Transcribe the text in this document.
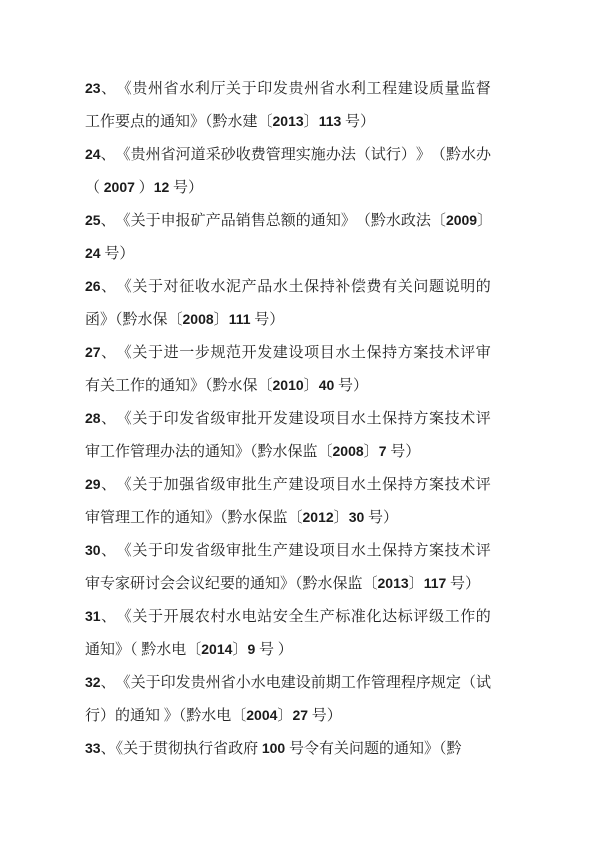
23 、 《 贵 州 省 水 利 厅 关 于 印 发 贵 州 省 水 利 工 程 建 设 质 量 监 督
工作要点的通知》（黔水建〔2013〕113 号）
24 、 《 贵 州 省 河 道 采 砂 收 费 管 理 实 施 办 法 （ 试 行 ） 》 （ 黔 水 办
（ 2007 ）12 号）
25 、 《 关 于 申 报 矿 产 品 销 售 总 额 的 通 知 》 （ 黔 水 政 法 〔 2009 〕
24 号）
26 、 《 关 于 对 征 收 水 泥 产 品 水 土 保 持 补 偿 费 有 关 问 题 说 明 的
函》（黔水保〔2008〕111 号）
27 、 《 关 于 进 一 步 规 范 开 发 建 设 项 目 水 土 保 持 方 案 技 术 评 审
有关工作的通知》（黔水保〔2010〕40 号）
28 、 《 关 于 印 发 省 级 审 批 开 发 建 设 项 目 水 土 保 持 方 案 技 术 评
审工作管理办法的通知》（黔水保监〔2008〕7 号）
29 、 《 关 于 加 强 省 级 审 批 生 产 建 设 项 目 水 土 保 持 方 案 技 术 评
审管理工作的通知》（黔水保监〔2012〕30 号）
30 、 《 关 于 印 发 省 级 审 批 生 产 建 设 项 目 水 土 保 持 方 案 技 术 评
审专家研讨会会议纪要的通知》（黔水保监〔2013〕117 号）
31 、 《 关 于 开 展 农 村 水 电 站 安 全 生 产 标 准 化 达 标 评 级 工 作 的
通知》（ 黔水电〔2014〕9 号 ）
32 、 《 关 于 印 发 贵 州 省 小 水 电 建 设 前 期 工 作 管 理 程 序 规 定 （ 试
行）的通知 》（黔水电〔2004〕27 号）
33、《关于贯彻执行省政府 100 号令有关问题的通知》（黔
